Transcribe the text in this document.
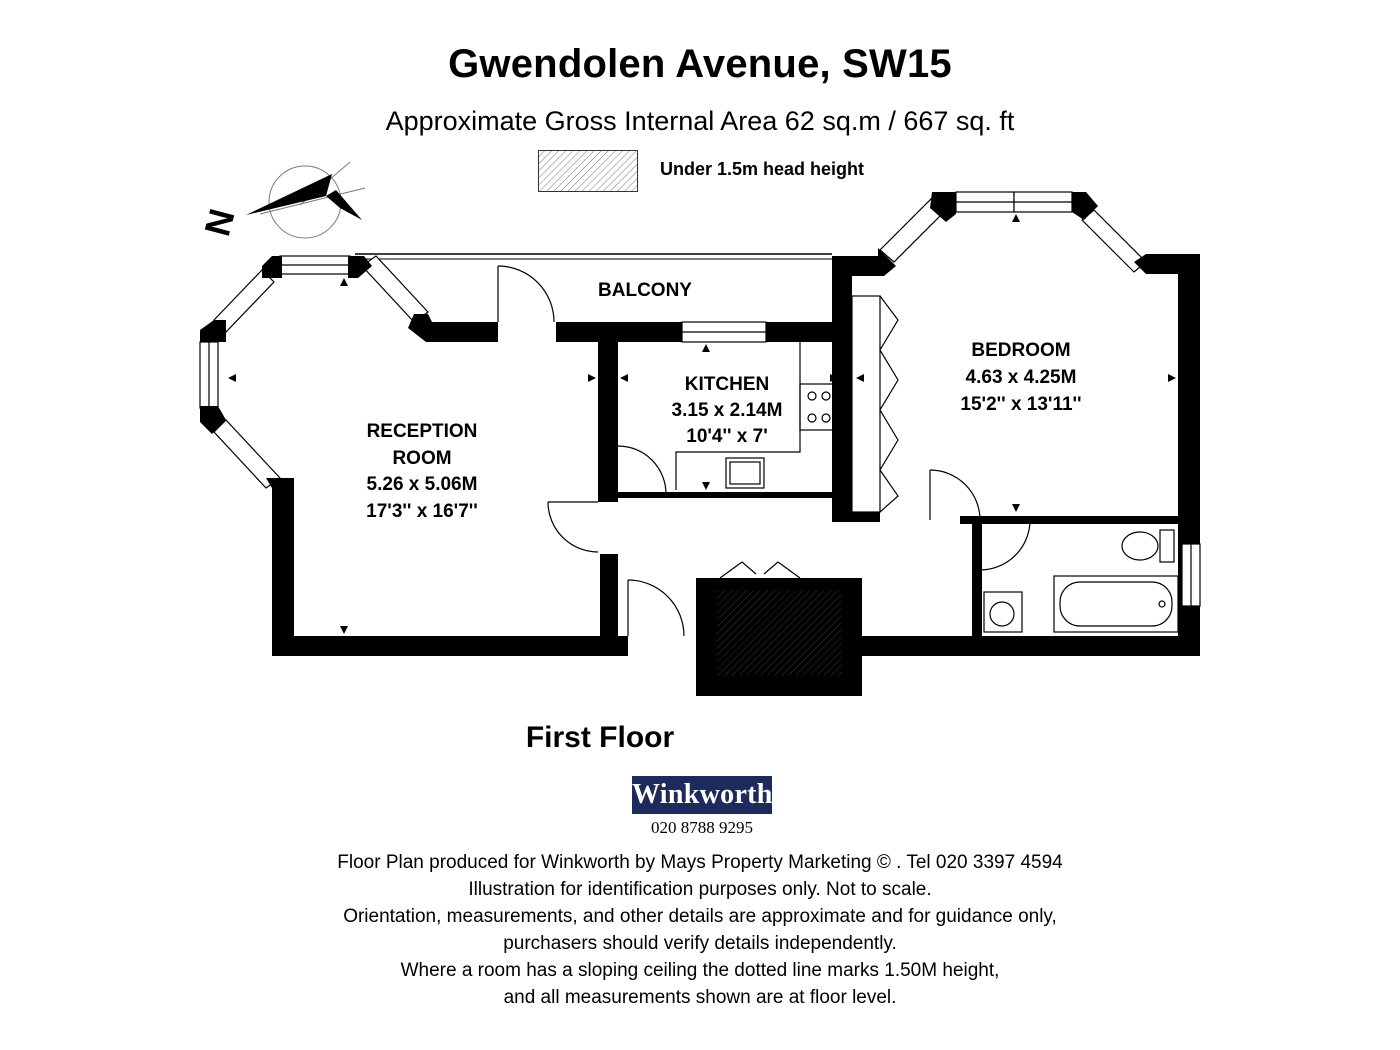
Gwendolen Avenue, SW15

Approximate Gross Internal Area 62 sq.m / 667 sq. ft

Under 1.5m head height
N
BALCONY
KITCHEN
3.15 x 2.14M
10'4'' x 7'
BEDROOM
4.63 x 4.25M
15'2'' x 13'11''
RECEPTION
ROOM
5.26 x 5.06M
17'3'' x 16'7''

First Floor

Winkworth
020 8788 9295
Floor Plan produced for Winkworth by Mays Property Marketing © . Tel 020 3397 4594
Illustration for identification purposes only. Not to scale.
Orientation, measurements, and other details are approximate and for guidance only,
purchasers should verify details independently.
Where a room has a sloping ceiling the dotted line marks 1.50M height,
and all measurements shown are at floor level.
